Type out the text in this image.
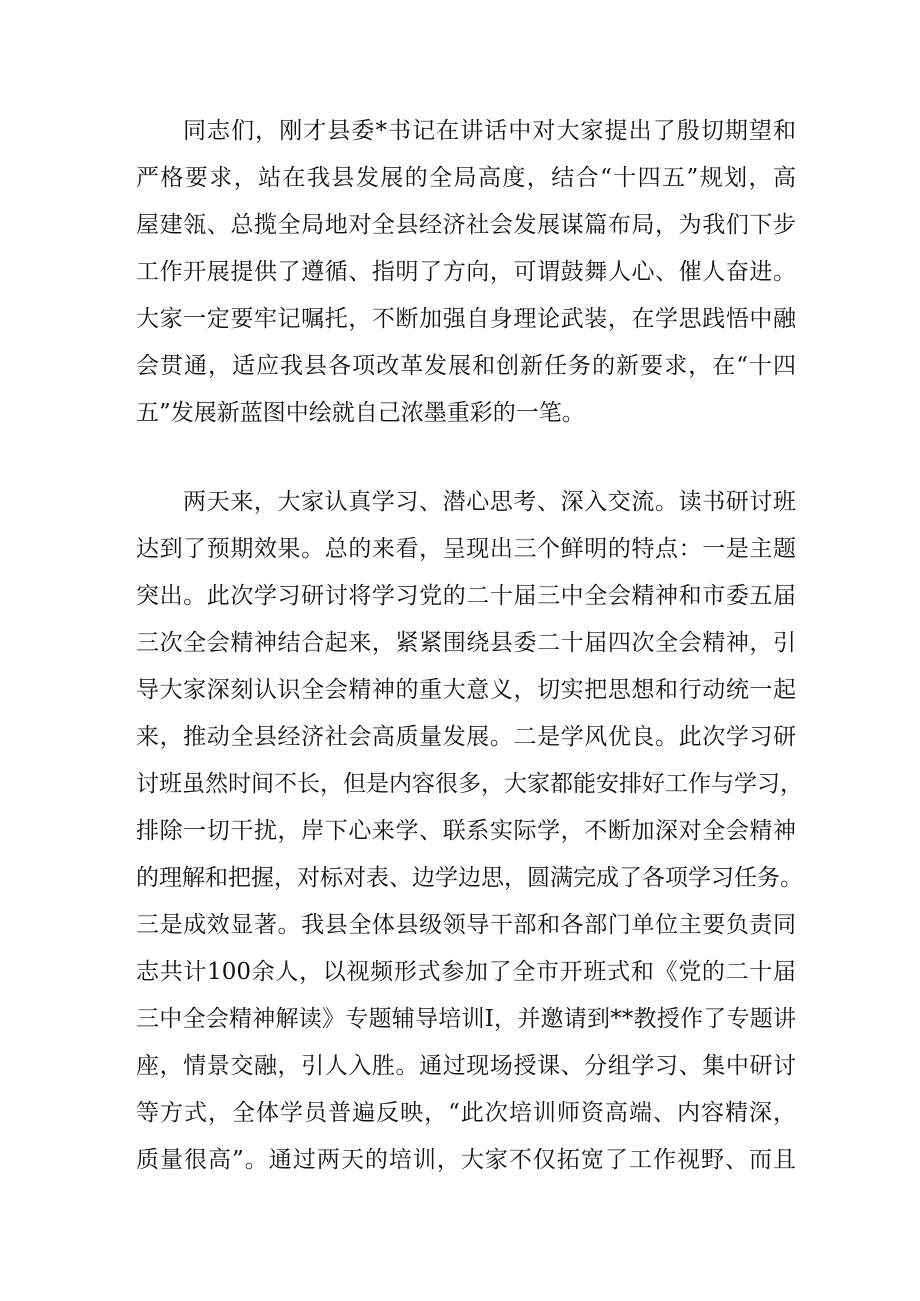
同志们，刚才县委*书记在讲话中对大家提出了殷切期望和
严格要求，站在我县发展的全局高度，结合“十四五”规划，高
屋建瓴、总揽全局地对全县经济社会发展谋篇布局，为我们下步
工作开展提供了遵循、指明了方向，可谓鼓舞人心、催人奋进。
大家一定要牢记嘱托，不断加强自身理论武装，在学思践悟中融
会贯通，适应我县各项改革发展和创新任务的新要求，在“十四
五”发展新蓝图中绘就自己浓墨重彩的一笔。
两天来，大家认真学习、潜心思考、深入交流。读书研讨班
达到了预期效果。总的来看，呈现出三个鲜明的特点：一是主题
突出。此次学习研讨将学习党的二十届三中全会精神和市委五届
三次全会精神结合起来，紧紧围绕县委二十届四次全会精神，引
导大家深刻认识全会精神的重大意义，切实把思想和行动统一起
来，推动全县经济社会高质量发展。二是学风优良。此次学习研
讨班虽然时间不长，但是内容很多，大家都能安排好工作与学习，
排除一切干扰，岸下心来学、联系实际学，不断加深对全会精神
的理解和把握，对标对表、边学边思，圆满完成了各项学习任务。
三是成效显著。我县全体县级领导干部和各部门单位主要负责同
志共计100余人，以视频形式参加了全市开班式和《党的二十届
三中全会精神解读》专题辅导培训I，并邀请到**教授作了专题讲
座，情景交融，引人入胜。通过现场授课、分组学习、集中研讨
等方式，全体学员普遍反映，“此次培训师资高端、内容精深，
质量很高”。通过两天的培训，大家不仅拓宽了工作视野、而且
